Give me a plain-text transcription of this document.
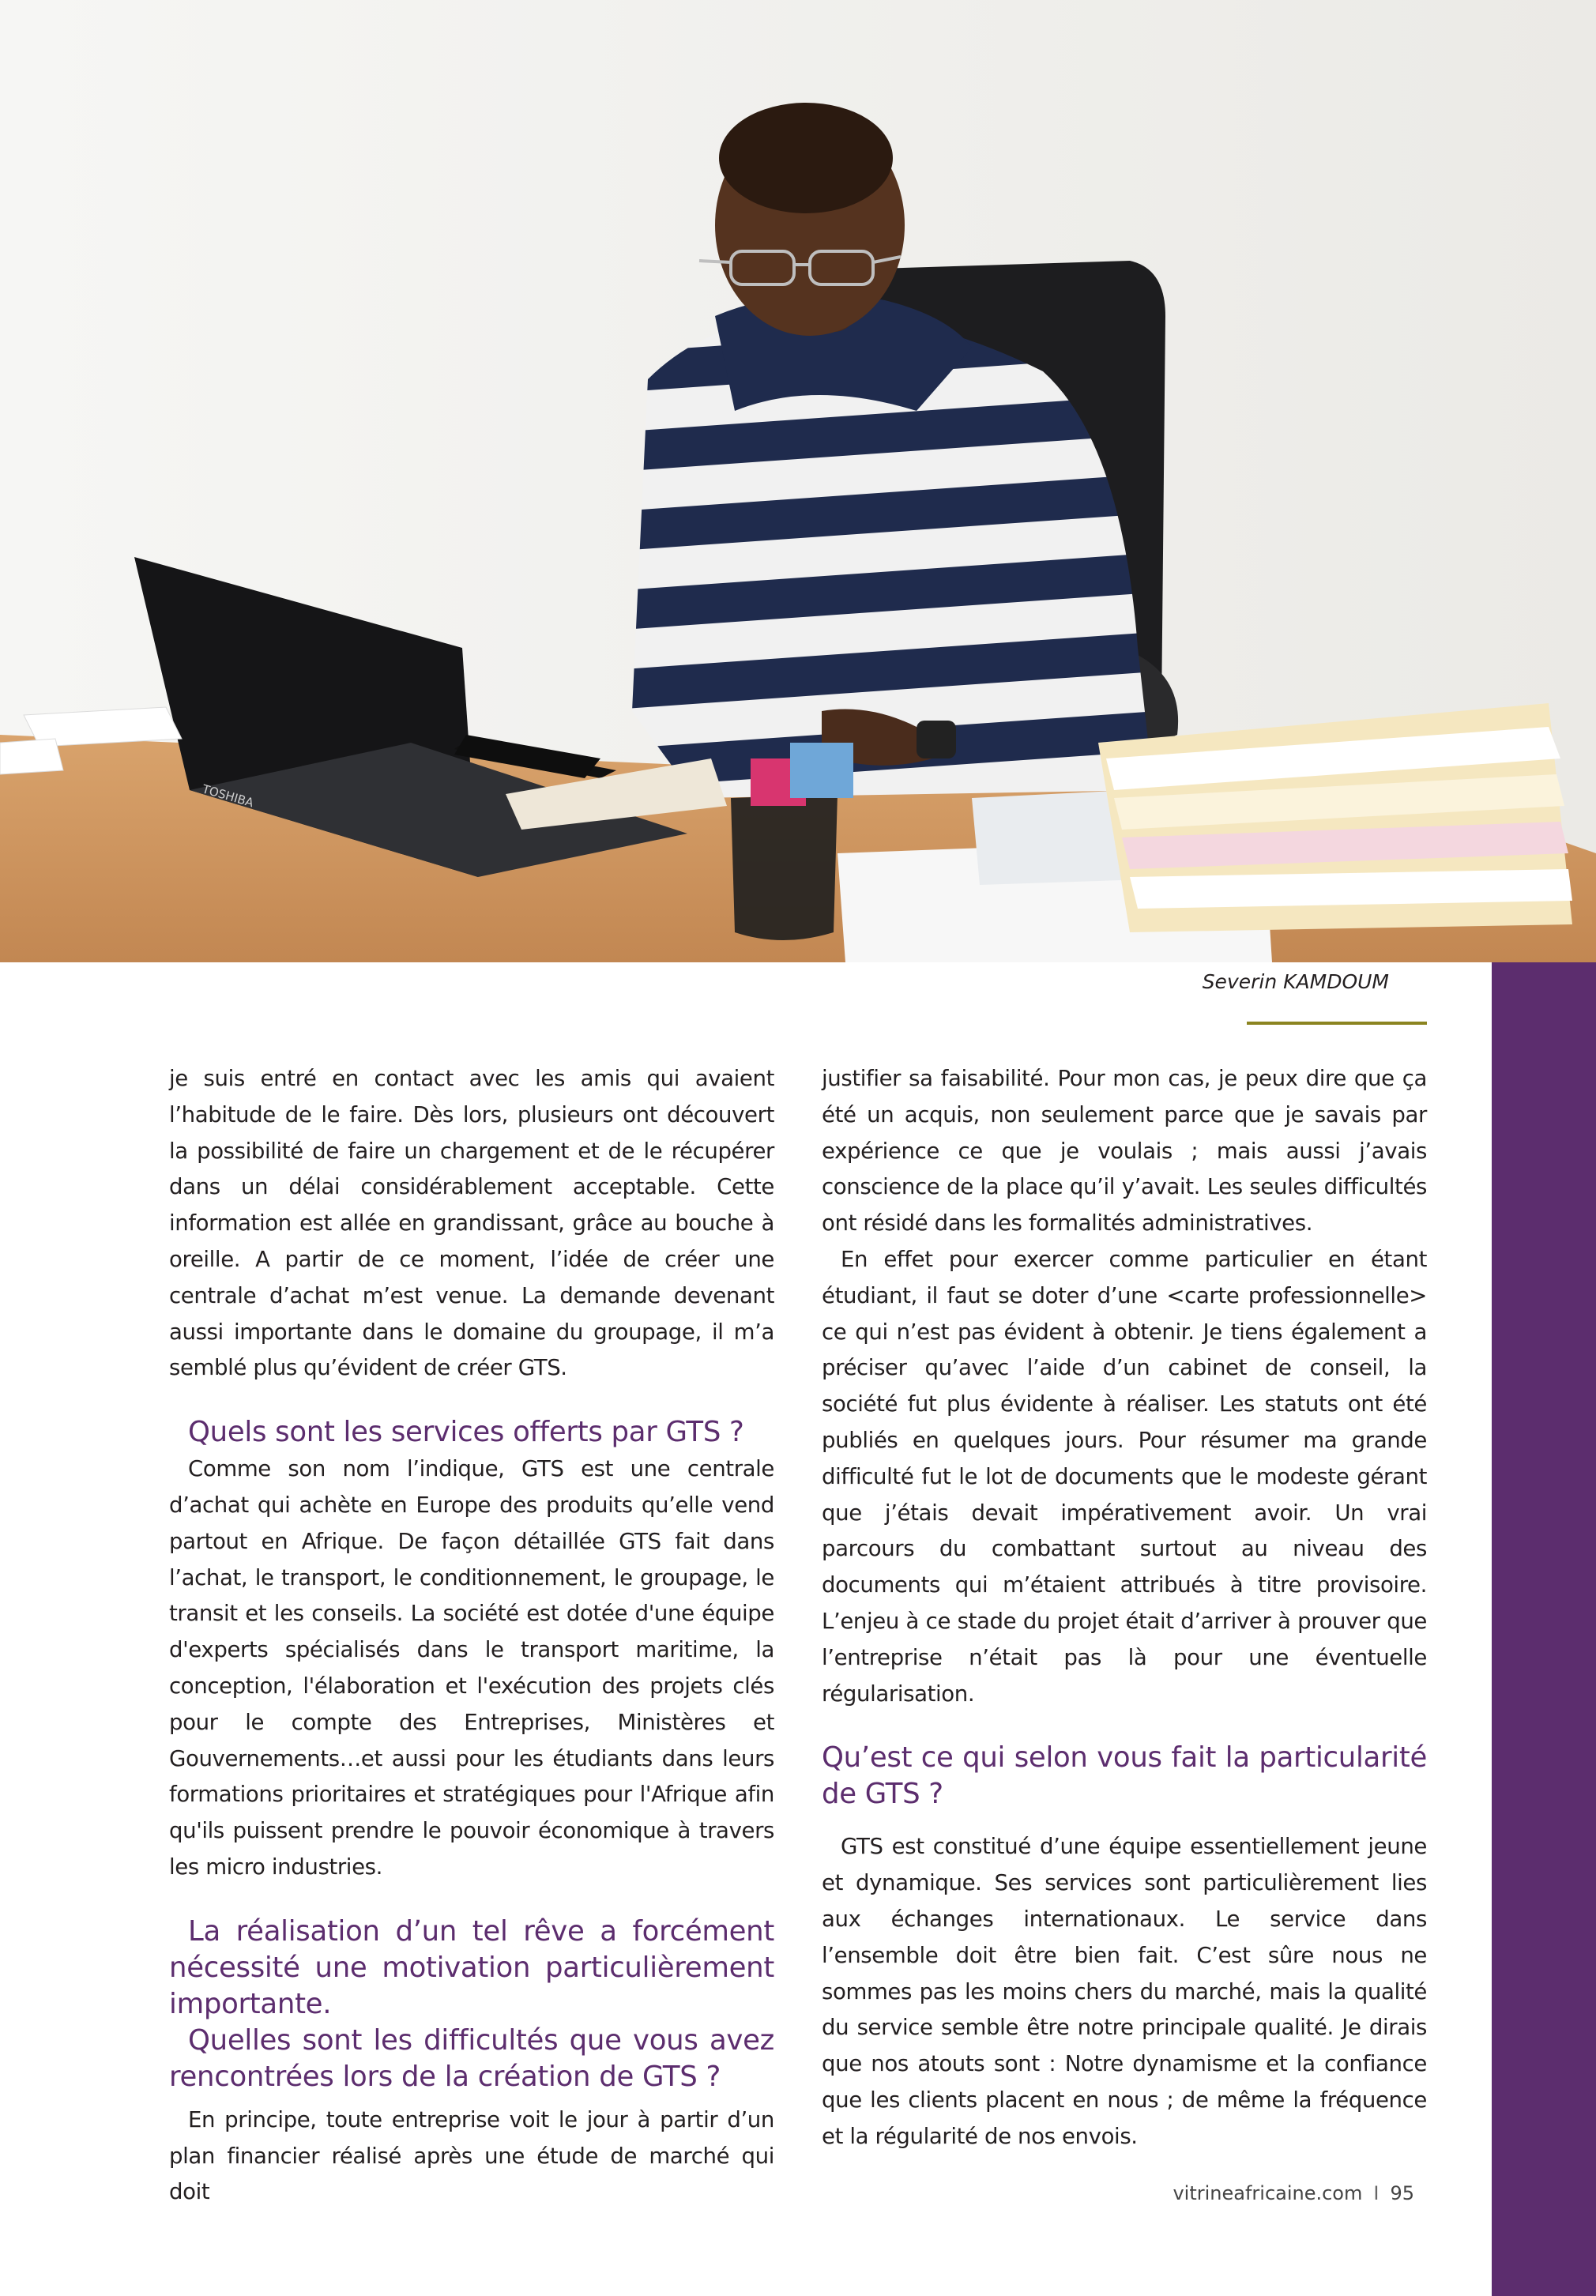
TOSHIBA
Severin KAMDOUM

je suis entré en contact avec les amis qui avaient l’habitude de le faire. Dès lors, plusieurs ont découvert la possibilité de faire un chargement et de le récupérer dans un délai considérablement acceptable. Cette information est allée en grandissant, grâce au bouche à oreille. A partir de ce moment, l’idée de créer une centrale d’achat m’est venue. La demande devenant aussi importante dans le domaine du groupage, il m’a semblé plus qu’évident de créer GTS.

Quels sont les services offerts par GTS ?

Comme son nom l’indique, GTS est une centrale d’achat qui achète en Europe des produits qu’elle vend partout en Afrique. De façon détaillée GTS fait dans l’achat, le transport, le conditionnement, le groupage, le transit et les conseils. La société est dotée d'une équipe d'experts spécialisés dans le transport maritime, la conception, l'élaboration et l'exécution des projets clés pour le compte des Entreprises, Ministères et Gouvernements…et aussi pour les étudiants dans leurs formations prioritaires et stratégiques pour l'Afrique afin qu'ils puissent prendre le pouvoir économique à travers les micro industries.

La réalisation d’un tel rêve a forcément nécessité une motivation particulièrement importante.
Quelles sont les difficultés que vous avez rencontrées lors de la création de GTS ?

En principe, toute entreprise voit le jour à partir d’un plan financier réalisé après une étude de marché qui doit

justifier sa faisabilité. Pour mon cas, je peux dire que ça été un acquis, non seulement parce que je savais par expérience ce que je voulais ; mais aussi j’avais conscience de la place qu’il y’avait. Les seules difficultés ont résidé dans les formalités administratives.

En effet pour exercer comme particulier en étant étudiant, il faut se doter d’une <carte professionnelle> ce qui n’est pas évident à obtenir. Je tiens également a préciser qu’avec l’aide d’un cabinet de conseil, la société fut plus évidente à réaliser. Les statuts ont été publiés en quelques jours. Pour résumer ma grande difficulté fut le lot de documents que le modeste gérant que j’étais devait impérativement avoir. Un vrai parcours du combattant surtout au niveau des documents qui m’étaient attribués à titre provisoire. L’enjeu à ce stade du projet était d’arriver à prouver que l’entreprise n’était pas là pour une éventuelle régularisation.

Qu’est ce qui selon vous fait la particularité de GTS ?

GTS est constitué d’une équipe essentiellement jeune et dynamique. Ses services sont particulièrement lies aux échanges internationaux. Le service dans l’ensemble doit être bien fait. C’est sûre nous ne sommes pas les moins chers du marché, mais la qualité du service semble être notre principale qualité. Je dirais que nos atouts sont : Notre dynamisme et la confiance que les clients placent en nous ; de même la fréquence et la régularité de nos envois.

vitrineafricaine.com I 95
